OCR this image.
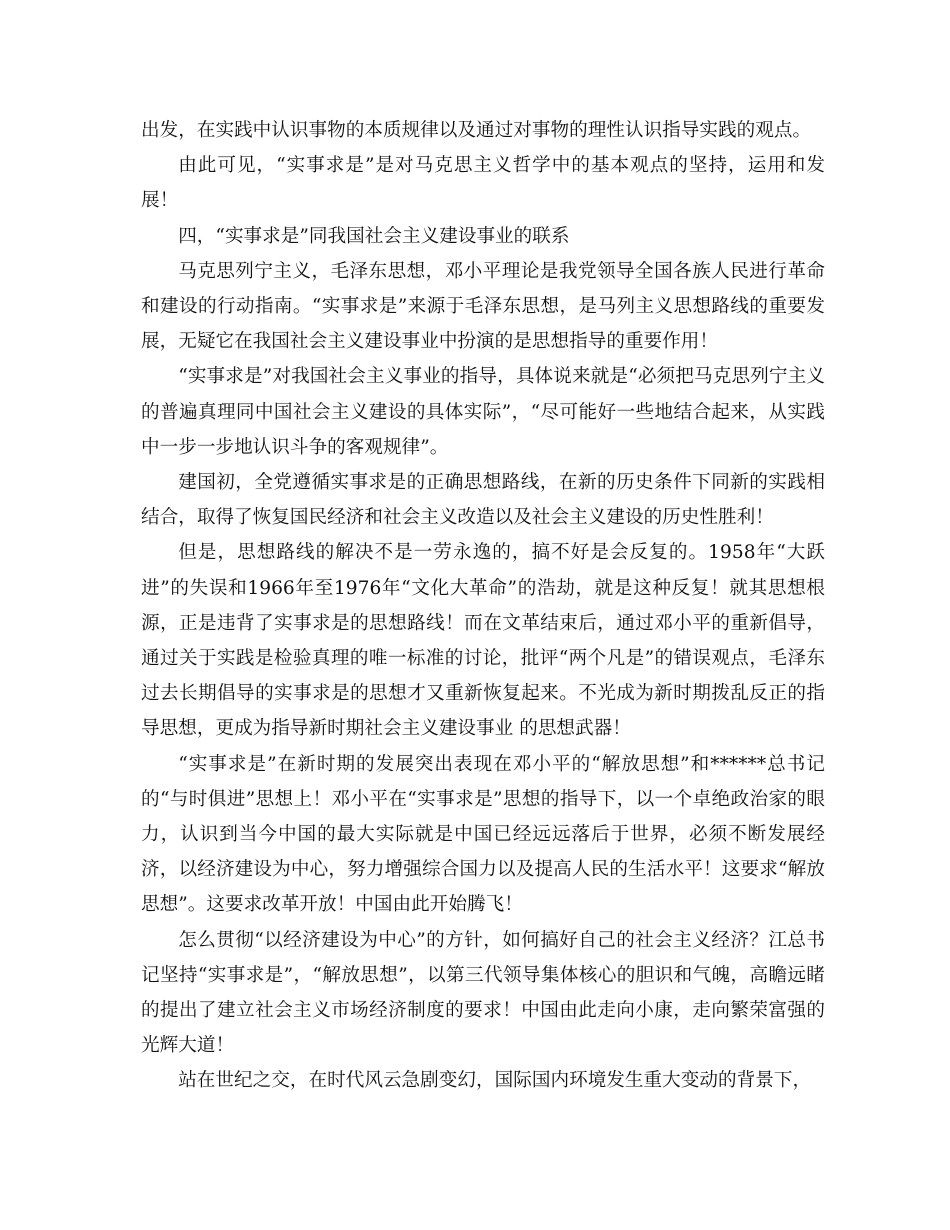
出发，在实践中认识事物的本质规律以及通过对事物的理性认识指导实践的观点。

由此可见，“实事求是”是对马克思主义哲学中的基本观点的坚持，运用和发展！

四，“实事求是”同我国社会主义建设事业的联系

马克思列宁主义，毛泽东思想，邓小平理论是我党领导全国各族人民进行革命和建设的行动指南。“实事求是”来源于毛泽东思想，是马列主义思想路线的重要发展，无疑它在我国社会主义建设事业中扮演的是思想指导的重要作用！

“实事求是”对我国社会主义事业的指导，具体说来就是“必须把马克思列宁主义的普遍真理同中国社会主义建设的具体实际”，“尽可能好一些地结合起来，从实践中一步一步地认识斗争的客观规律”。

建国初，全党遵循实事求是的正确思想路线，在新的历史条件下同新的实践相结合，取得了恢复国民经济和社会主义改造以及社会主义建设的历史性胜利！

但是，思想路线的解决不是一劳永逸的，搞不好是会反复的。1958年“大跃进”的失误和1966年至1976年“文化大革命”的浩劫，就是这种反复！就其思想根源，正是违背了实事求是的思想路线！而在文革结束后，通过邓小平的重新倡导，通过关于实践是检验真理的唯一标准的讨论，批评“两个凡是”的错误观点，毛泽东过去长期倡导的实事求是的思想才又重新恢复起来。不光成为新时期拨乱反正的指导思想，更成为指导新时期社会主义建设事业 的思想武器！

“实事求是”在新时期的发展突出表现在邓小平的“解放思想”和******总书记的“与时俱进”思想上！邓小平在“实事求是”思想的指导下，以一个卓绝政治家的眼力，认识到当今中国的最大实际就是中国已经远远落后于世界，必须不断发展经济，以经济建设为中心，努力增强综合国力以及提高人民的生活水平！这要求“解放思想”。这要求改革开放！中国由此开始腾飞！

怎么贯彻“以经济建设为中心”的方针，如何搞好自己的社会主义经济？江总书记坚持“实事求是”，“解放思想”，以第三代领导集体核心的胆识和气魄，高瞻远睹的提出了建立社会主义市场经济制度的要求！中国由此走向小康，走向繁荣富强的光辉大道！

站在世纪之交，在时代风云急剧变幻，国际国内环境发生重大变动的背景下，
